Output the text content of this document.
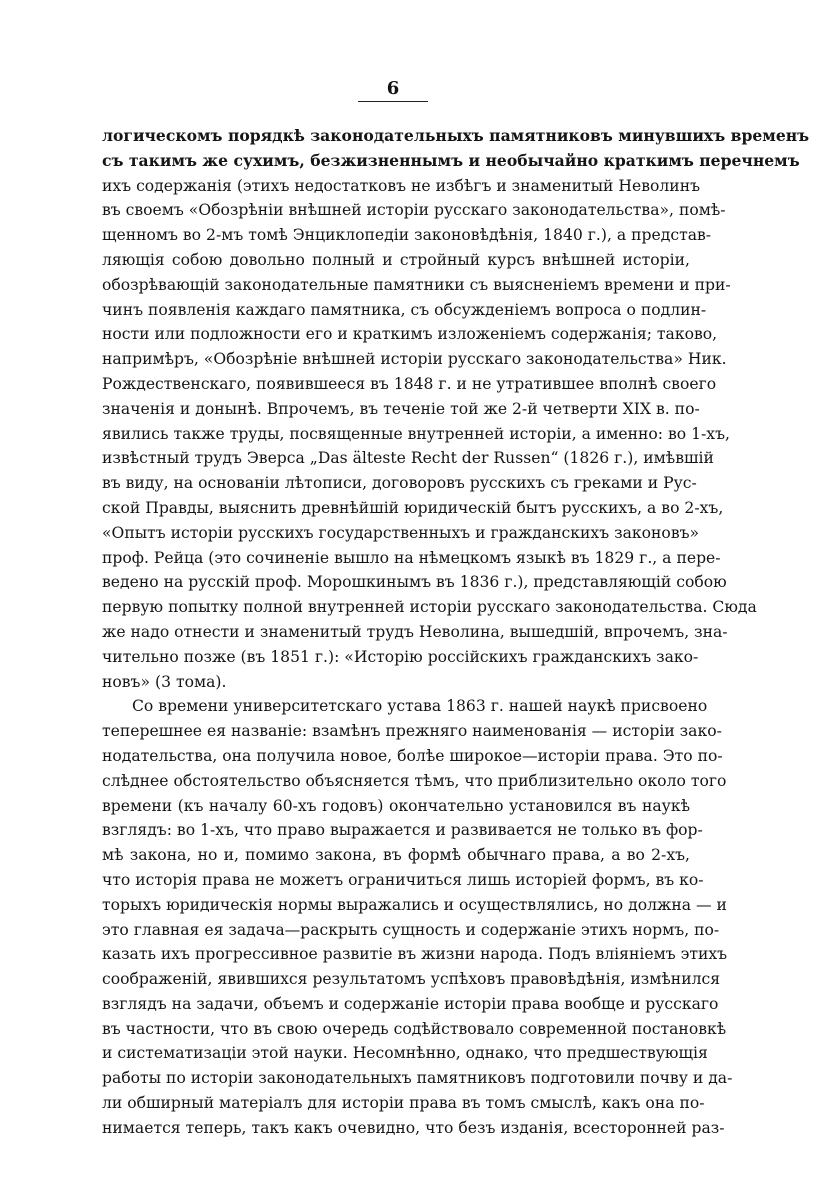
6
логическомъ порядкѣ законодательныхъ памятниковъ минувшихъ временъ
съ такимъ же сухимъ, безжизненнымъ и необычайно краткимъ перечнемъ
ихъ содержанія (этихъ недостатковъ не избѣгъ и знаменитый Неволинъ
въ своемъ «Обозрѣніи внѣшней исторіи русскаго законодательства», помѣ-
щенномъ во 2-мъ томѣ Энциклопедіи законовѣдѣнія, 1840 г.), а представ-
ляющія собою довольно полный и стройный курсъ внѣшней исторіи,
обозрѣвающій законодательные памятники съ выясненіемъ времени и при-
чинъ появленія каждаго памятника, съ обсужденіемъ вопроса о подлин-
ности или подложности его и краткимъ изложеніемъ содержанія; таково,
напримѣръ, «Обозрѣніе внѣшней исторіи русскаго законодательства» Ник.
Рождественскаго, появившееся въ 1848 г. и не утратившее вполнѣ своего
значенія и донынѣ. Впрочемъ, въ теченіе той же 2-й четверти XIX в. по-
явились также труды, посвященные внутренней исторіи, а именно: во 1-хъ,
извѣстный трудъ Эверса „Das älteste Recht der Russen“ (1826 г.), имѣвшій
въ виду, на основаніи лѣтописи, договоровъ русскихъ съ греками и Рус-
ской Правды, выяснить древнѣйшій юридическій бытъ русскихъ, а во 2-хъ,
«Опытъ исторіи русскихъ государственныхъ и гражданскихъ законовъ»
проф. Рейца (это сочиненіе вышло на нѣмецкомъ языкѣ въ 1829 г., а пере-
ведено на русскій проф. Морошкинымъ въ 1836 г.), представляющій собою
первую попытку полной внутренней исторіи русскаго законодательства. Сюда
же надо отнести и знаменитый трудъ Неволина, вышедшій, впрочемъ, зна-
чительно позже (въ 1851 г.): «Исторію россійскихъ гражданскихъ зако-
новъ» (3 тома).
Со времени университетскаго устава 1863 г. нашей наукѣ присвоено
теперешнее ея названіе: взамѣнъ прежняго наименованія — исторіи зако-
нодательства, она получила новое, болѣе широкое—исторіи права. Это по-
слѣднее обстоятельство объясняется тѣмъ, что приблизительно около того
времени (къ началу 60-хъ годовъ) окончательно установился въ наукѣ
взглядъ: во 1-хъ, что право выражается и развивается не только въ фор-
мѣ закона, но и, помимо закона, въ формѣ обычнаго права, а во 2-хъ,
что исторія права не можетъ ограничиться лишь исторіей формъ, въ ко-
торыхъ юридическія нормы выражались и осуществлялись, но должна — и
это главная ея задача—раскрыть сущность и содержаніе этихъ нормъ, по-
казать ихъ прогрессивное развитіе въ жизни народа. Подъ вліяніемъ этихъ
соображеній, явившихся результатомъ успѣховъ правовѣдѣнія, измѣнился
взглядъ на задачи, объемъ и содержаніе исторіи права вообще и русскаго
въ частности, что въ свою очередь содѣйствовало современной постановкѣ
и систематизаціи этой науки. Несомнѣнно, однако, что предшествующія
работы по исторіи законодательныхъ памятниковъ подготовили почву и да-
ли обширный матеріалъ для исторіи права въ томъ смыслѣ, какъ она по-
нимается теперь, такъ какъ очевидно, что безъ изданія, всесторонней раз-
